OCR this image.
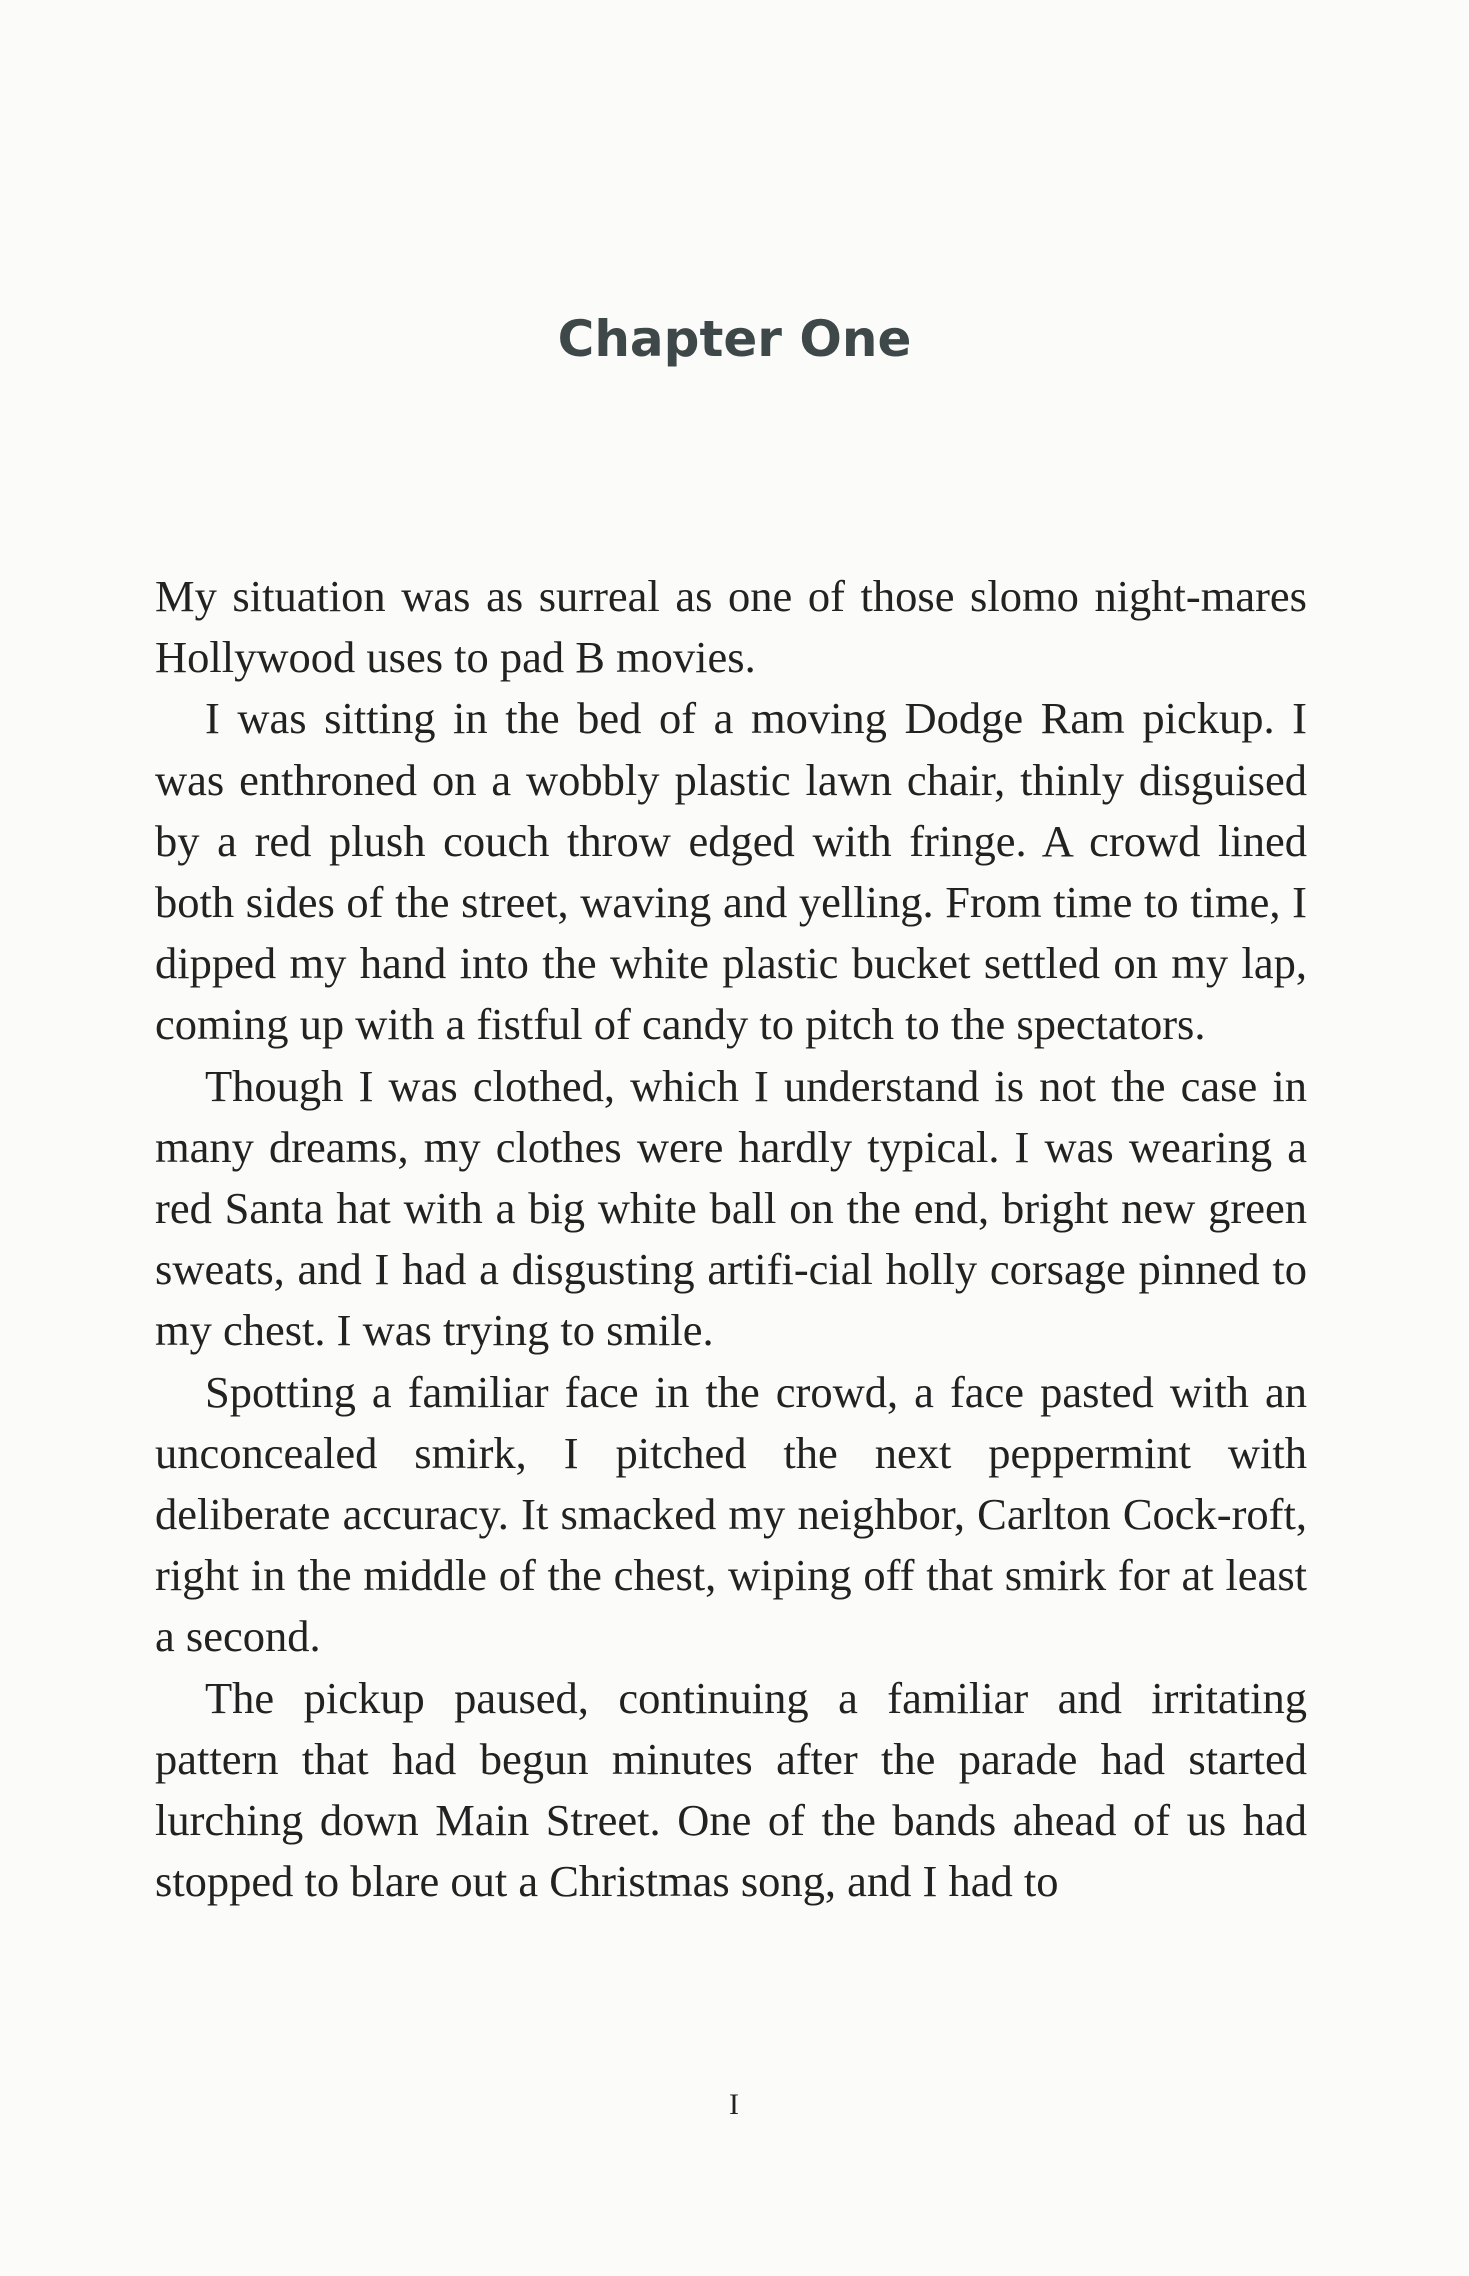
Chapter One

My situation was as surreal as one of those slomo night-mares Hollywood uses to pad B movies.

I was sitting in the bed of a moving Dodge Ram pickup. I was enthroned on a wobbly plastic lawn chair, thinly disguised by a red plush couch throw edged with fringe. A crowd lined both sides of the street, waving and yelling. From time to time, I dipped my hand into the white plastic bucket settled on my lap, coming up with a fistful of candy to pitch to the spectators.

Though I was clothed, which I understand is not the case in many dreams, my clothes were hardly typical. I was wearing a red Santa hat with a big white ball on the end, bright new green sweats, and I had a disgusting artifi-cial holly corsage pinned to my chest. I was trying to smile.

Spotting a familiar face in the crowd, a face pasted with an unconcealed smirk, I pitched the next peppermint with deliberate accuracy. It smacked my neighbor, Carlton Cock-roft, right in the middle of the chest, wiping off that smirk for at least a second.

The pickup paused, continuing a familiar and irritating pattern that had begun minutes after the parade had started lurching down Main Street. One of the bands ahead of us had stopped to blare out a Christmas song, and I had to

I
